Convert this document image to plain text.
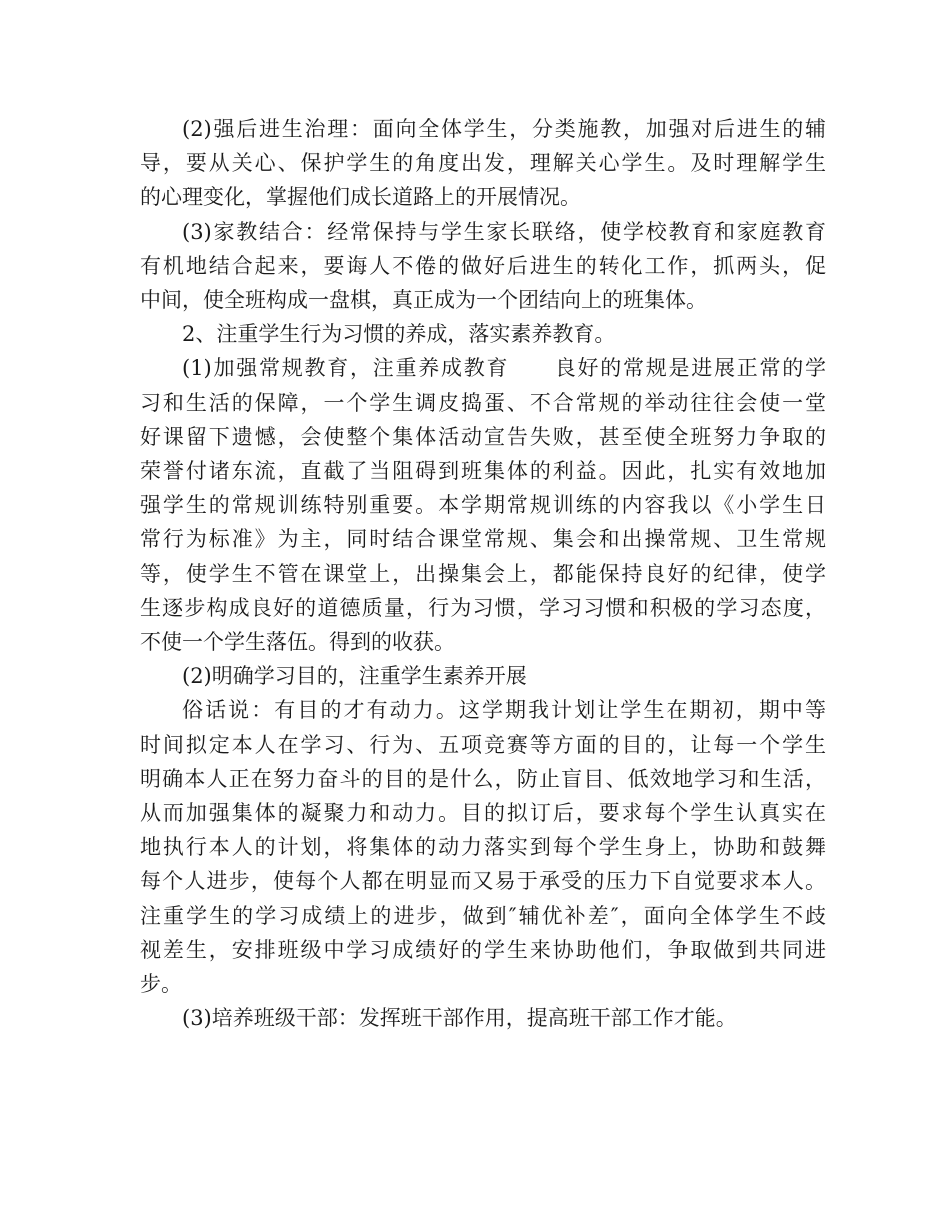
(2)强后进生治理：面向全体学生，分类施教，加强对后进生的辅
导，要从关心、保护学生的角度出发，理解关心学生。及时理解学生
的心理变化，掌握他们成长道路上的开展情况。
(3)家教结合：经常保持与学生家长联络，使学校教育和家庭教育
有机地结合起来，要诲人不倦的做好后进生的转化工作，抓两头，促
中间，使全班构成一盘棋，真正成为一个团结向上的班集体。
2、注重学生行为习惯的养成，落实素养教育。
(1)加强常规教育，注重养成教育　　良好的常规是进展正常的学
习和生活的保障，一个学生调皮捣蛋、不合常规的举动往往会使一堂
好课留下遗憾，会使整个集体活动宣告失败，甚至使全班努力争取的
荣誉付诸东流，直截了当阻碍到班集体的利益。因此，扎实有效地加
强学生的常规训练特别重要。本学期常规训练的内容我以《小学生日
常行为标准》为主，同时结合课堂常规、集会和出操常规、卫生常规
等，使学生不管在课堂上，出操集会上，都能保持良好的纪律，使学
生逐步构成良好的道德质量，行为习惯，学习习惯和积极的学习态度，
不使一个学生落伍。得到的收获。
(2)明确学习目的，注重学生素养开展
俗话说：有目的才有动力。这学期我计划让学生在期初，期中等
时间拟定本人在学习、行为、五项竞赛等方面的目的，让每一个学生
明确本人正在努力奋斗的目的是什么，防止盲目、低效地学习和生活，
从而加强集体的凝聚力和动力。目的拟订后，要求每个学生认真实在
地执行本人的计划，将集体的动力落实到每个学生身上，协助和鼓舞
每个人进步，使每个人都在明显而又易于承受的压力下自觉要求本人。
注重学生的学习成绩上的进步，做到″辅优补差″，面向全体学生不歧
视差生，安排班级中学习成绩好的学生来协助他们，争取做到共同进
步。
(3)培养班级干部：发挥班干部作用，提高班干部工作才能。
